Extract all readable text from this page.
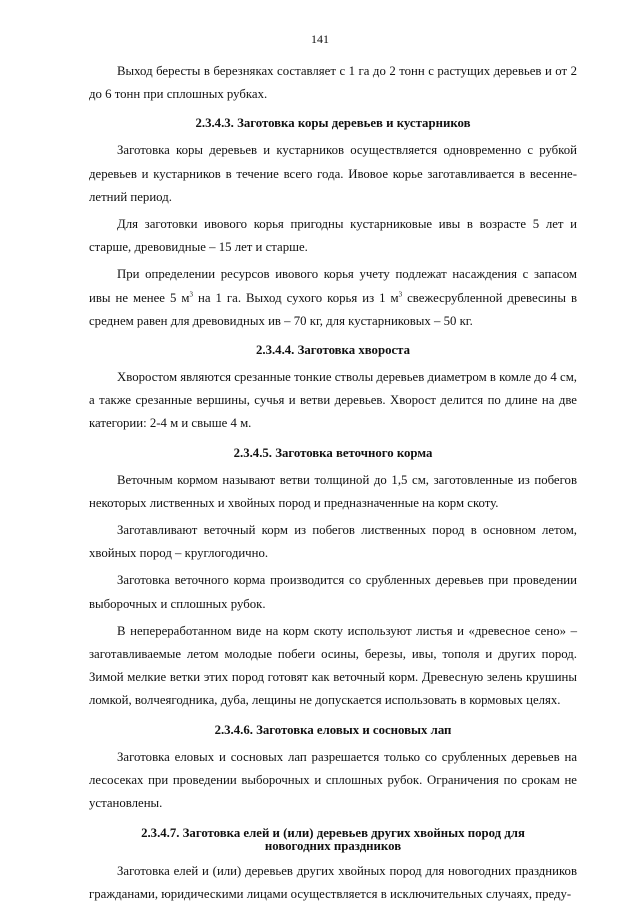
141

Выход бересты в березняках составляет с 1 га до 2 тонн с растущих деревьев и от 2 до 6 тонн при сплошных рубках.

2.3.4.3. Заготовка коры деревьев и кустарников

Заготовка коры деревьев и кустарников осуществляется одновременно с рубкой деревьев и кустарников в течение всего года. Ивовое корье заготавливается в весенне-летний период.

Для заготовки ивового корья пригодны кустарниковые ивы в возрасте 5 лет и старше, древовидные – 15 лет и старше.

При определении ресурсов ивового корья учету подлежат насаждения с запасом ивы не менее 5 $м^3$ на 1 га. Выход сухого корья из 1 $м^3$ свежесрубленной древесины в среднем равен для древовидных ив – 70 кг, для кустарниковых – 50 кг.

2.3.4.4. Заготовка хвороста

Хворостом являются срезанные тонкие стволы деревьев диаметром в комле до 4 см, а также срезанные вершины, сучья и ветви деревьев. Хворост делится по длине на две категории: 2-4 м и свыше 4 м.

2.3.4.5. Заготовка веточного корма

Веточным кормом называют ветви толщиной до 1,5 см, заготовленные из побегов некоторых лиственных и хвойных пород и предназначенные на корм скоту.

Заготавливают веточный корм из побегов лиственных пород в основном летом, хвойных пород – круглогодично.

Заготовка веточного корма производится со срубленных деревьев при проведении выборочных и сплошных рубок.

В непереработанном виде на корм скоту используют листья и «древесное сено» – заготавливаемые летом молодые побеги осины, березы, ивы, тополя и других пород. Зимой мелкие ветки этих пород готовят как веточный корм. Древесную зелень крушины ломкой, волчеягодника, дуба, лещины не допускается использовать в кормовых целях.

2.3.4.6. Заготовка еловых и сосновых лап

Заготовка еловых и сосновых лап разрешается только со срубленных деревьев на лесосеках при проведении выборочных и сплошных рубок. Ограничения по срокам не установлены.

2.3.4.7. Заготовка елей и (или) деревьев других хвойных пород для
новогодних праздников

Заготовка елей и (или) деревьев других хвойных пород для новогодних праздников гражданами, юридическими лицами осуществляется в исключительных случаях, преду-
